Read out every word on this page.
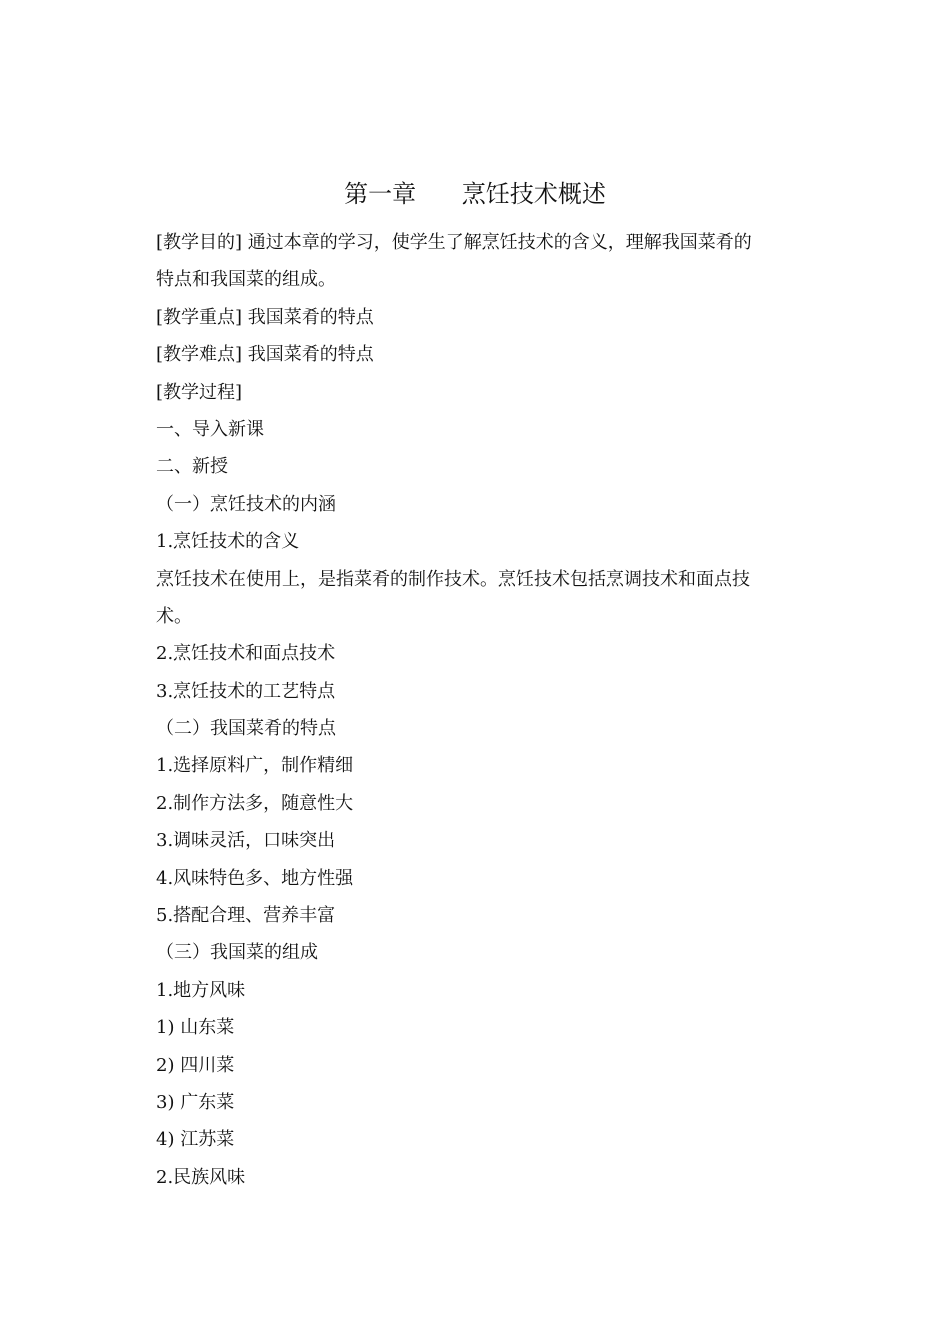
第一章      烹饪技术概述
[教学目的] 通过本章的学习，使学生了解烹饪技术的含义，理解我国菜肴的
特点和我国菜的组成。
[教学重点] 我国菜肴的特点
[教学难点] 我国菜肴的特点
[教学过程]
一、导入新课
二、新授
（一）烹饪技术的内涵
1.烹饪技术的含义
烹饪技术在使用上，是指菜肴的制作技术。烹饪技术包括烹调技术和面点技
术。
2.烹饪技术和面点技术
3.烹饪技术的工艺特点
（二）我国菜肴的特点
1.选择原料广，制作精细
2.制作方法多，随意性大
3.调味灵活，口味突出
4.风味特色多、地方性强
5.搭配合理、营养丰富
（三）我国菜的组成
1.地方风味
1) 山东菜
2) 四川菜
3) 广东菜
4) 江苏菜
2.民族风味
